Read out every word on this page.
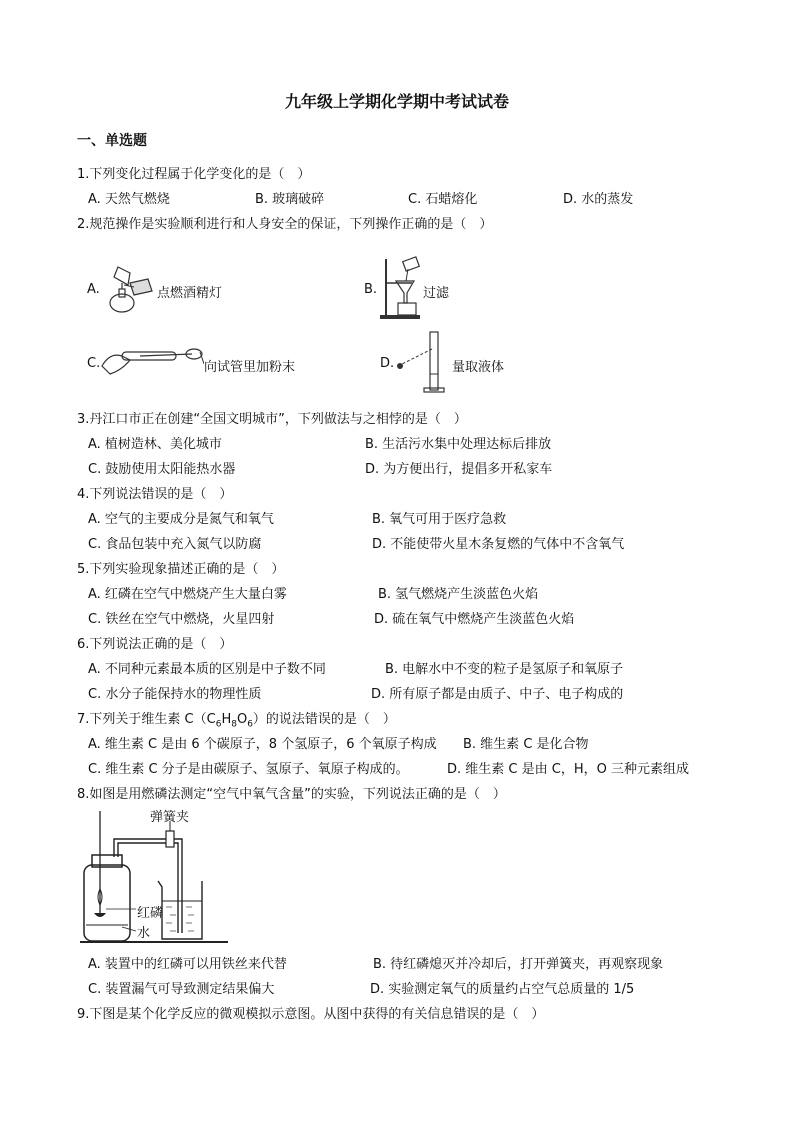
九年级上学期化学期中考试试卷
一、单选题
1.下列变化过程属于化学变化的是（　）
A. 天然气燃烧	B. 玻璃破碎	C. 石蜡熔化	D. 水的蒸发
2.规范操作是实验顺利进行和人身安全的保证，下列操作正确的是（　）
A.	点燃酒精灯	B.	过滤
C.	向试管里加粉末	D.	量取液体
3.丹江口市正在创建“全国文明城市”，下列做法与之相悖的是（　）
A. 植树造林、美化城市	B. 生活污水集中处理达标后排放
C. 鼓励使用太阳能热水器	D. 为方便出行，提倡多开私家车
4.下列说法错误的是（　）
A. 空气的主要成分是氮气和氧气	B. 氧气可用于医疗急救
C. 食品包装中充入氮气以防腐	D. 不能使带火星木条复燃的气体中不含氧气
5.下列实验现象描述正确的是（　）
A. 红磷在空气中燃烧产生大量白雾	B. 氢气燃烧产生淡蓝色火焰
C. 铁丝在空气中燃烧，火星四射	D. 硫在氧气中燃烧产生淡蓝色火焰
6.下列说法正确的是（　）
A. 不同种元素最本质的区别是中子数不同	B. 电解水中不变的粒子是氢原子和氧原子
C. 水分子能保持水的物理性质	D. 所有原子都是由质子、中子、电子构成的
7.下列关于维生素 $C(C_6H_8O_6)$的说法错误的是（　）
A. 维生素 C 是由 6 个碳原子，8 个氢原子，6 个氧原子构成 B. 维生素 C 是化合物
C. 维生素 C 分子是由碳原子、氢原子、氧原子构成的。	D. 维生素 C 是由 C，H，O 三种元素组成
8.如图是用燃磷法测定“空气中氧气含量”的实验，下列说法正确的是（　）
弹簧夹
红磷
水
A. 装置中的红磷可以用铁丝来代替	B. 待红磷熄灭并冷却后，打开弹簧夹，再观察现象
C. 装置漏气可导致测定结果偏大	D. 实验测定氧气的质量约占空气总质量的 1/5
9.下图是某个化学反应的微观模拟示意图。从图中获得的有关信息错误的是（　）
